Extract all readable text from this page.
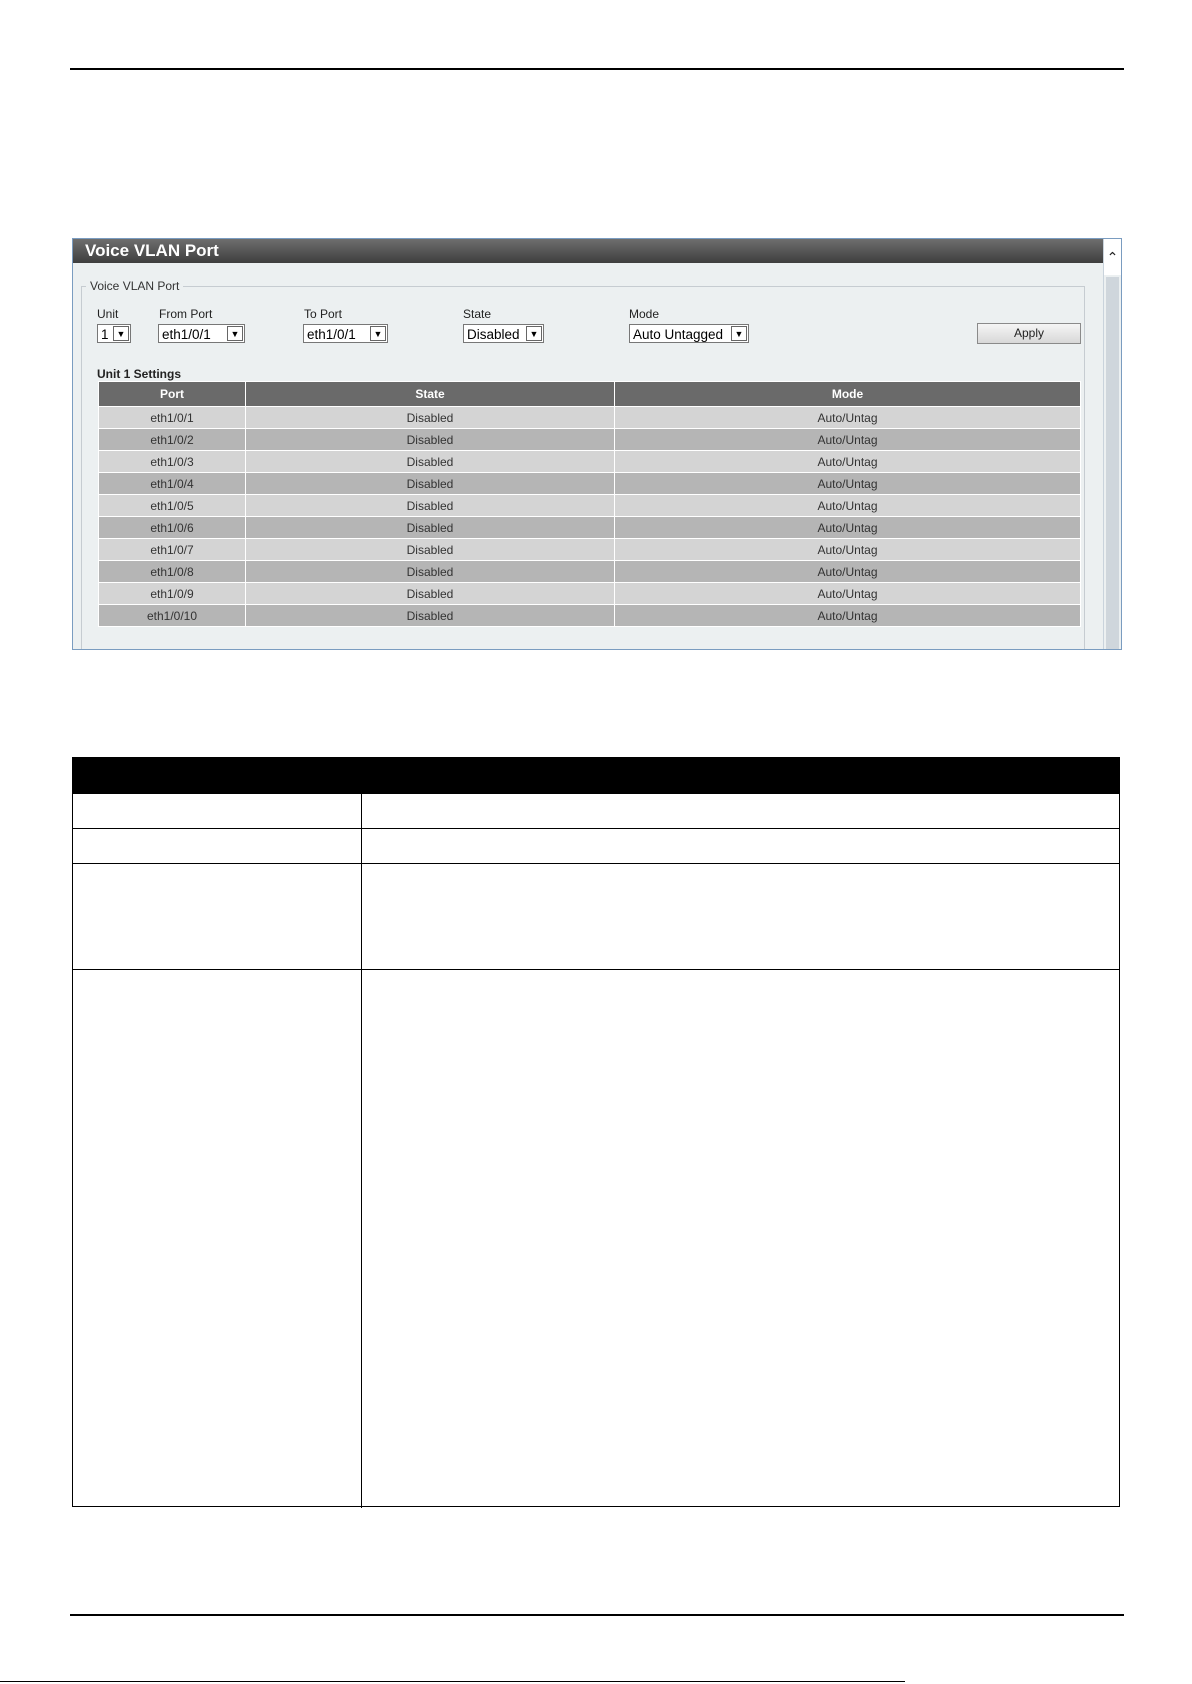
Voice VLAN Port
Voice VLAN Port
Unit
1 ▼
From Port
eth1/0/1	▼
To Port
eth1/0/1	▼
State
Disabled	▼
Mode
Auto Untagged	▼	Apply
Unit 1 Settings
Port	State	Mode
eth1/0/1	Disabled	Auto/Untag
eth1/0/2	Disabled	Auto/Untag
eth1/0/3	Disabled	Auto/Untag
eth1/0/4	Disabled	Auto/Untag
eth1/0/5	Disabled	Auto/Untag
eth1/0/6	Disabled	Auto/Untag
eth1/0/7	Disabled	Auto/Untag
eth1/0/8	Disabled	Auto/Untag
eth1/0/9	Disabled	Auto/Untag
eth1/0/10	Disabled	Auto/Untag
⌃
